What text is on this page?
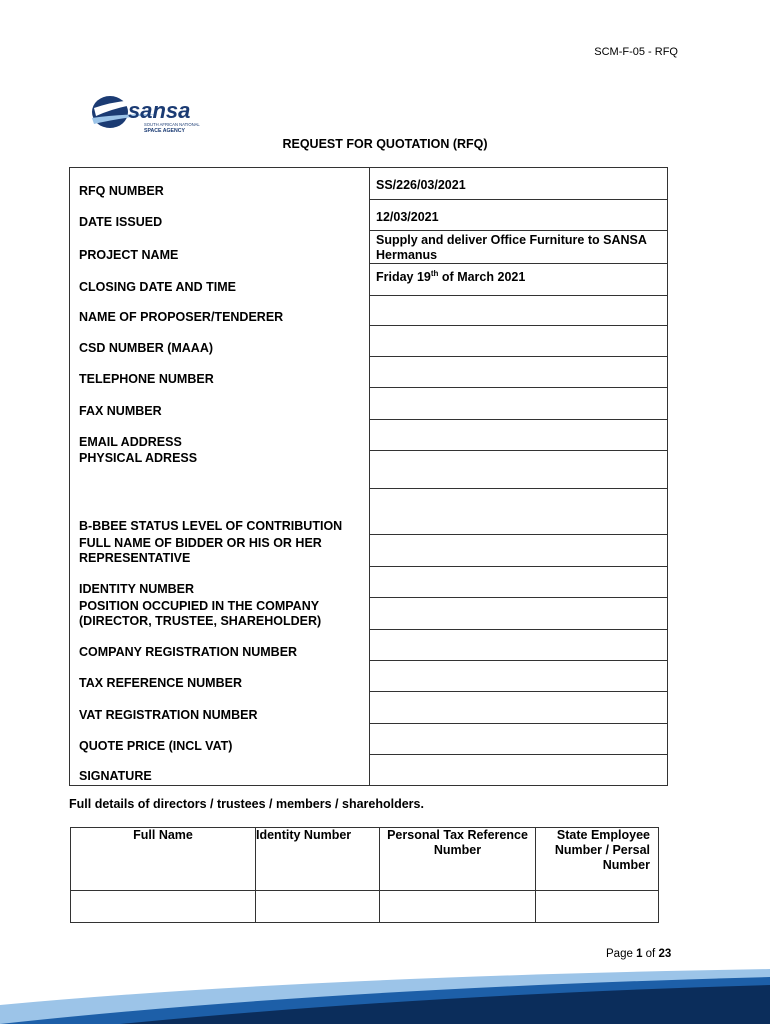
SCM-F-05 - RFQ
sansa
SOUTH AFRICAN NATIONAL
SPACE AGENCY
REQUEST FOR QUOTATION (RFQ)
RFQ NUMBER	SS/226/03/2021
DATE ISSUED	12/03/2021
PROJECT NAME	Supply and deliver Office Furniture to SANSA Hermanus
CLOSING DATE AND TIME	Friday 19th of March 2021
NAME OF PROPOSER/TENDERER	
CSD NUMBER (MAAA)	
TELEPHONE NUMBER	
FAX NUMBER	
EMAIL ADDRESS	
PHYSICAL ADRESS	
B-BBEE STATUS LEVEL OF CONTRIBUTION	
FULL NAME OF BIDDER OR HIS OR HER REPRESENTATIVE	
IDENTITY NUMBER	
POSITION OCCUPIED IN THE COMPANY (DIRECTOR, TRUSTEE, SHAREHOLDER)	
COMPANY REGISTRATION NUMBER	
TAX REFERENCE NUMBER	
VAT REGISTRATION NUMBER	
QUOTE PRICE (INCL VAT)	
SIGNATURE	
Full details of directors / trustees / members / shareholders.
Full Name	Identity Number	Personal Tax Reference Number	State Employee Number / Persal Number

Page 1 of 23
